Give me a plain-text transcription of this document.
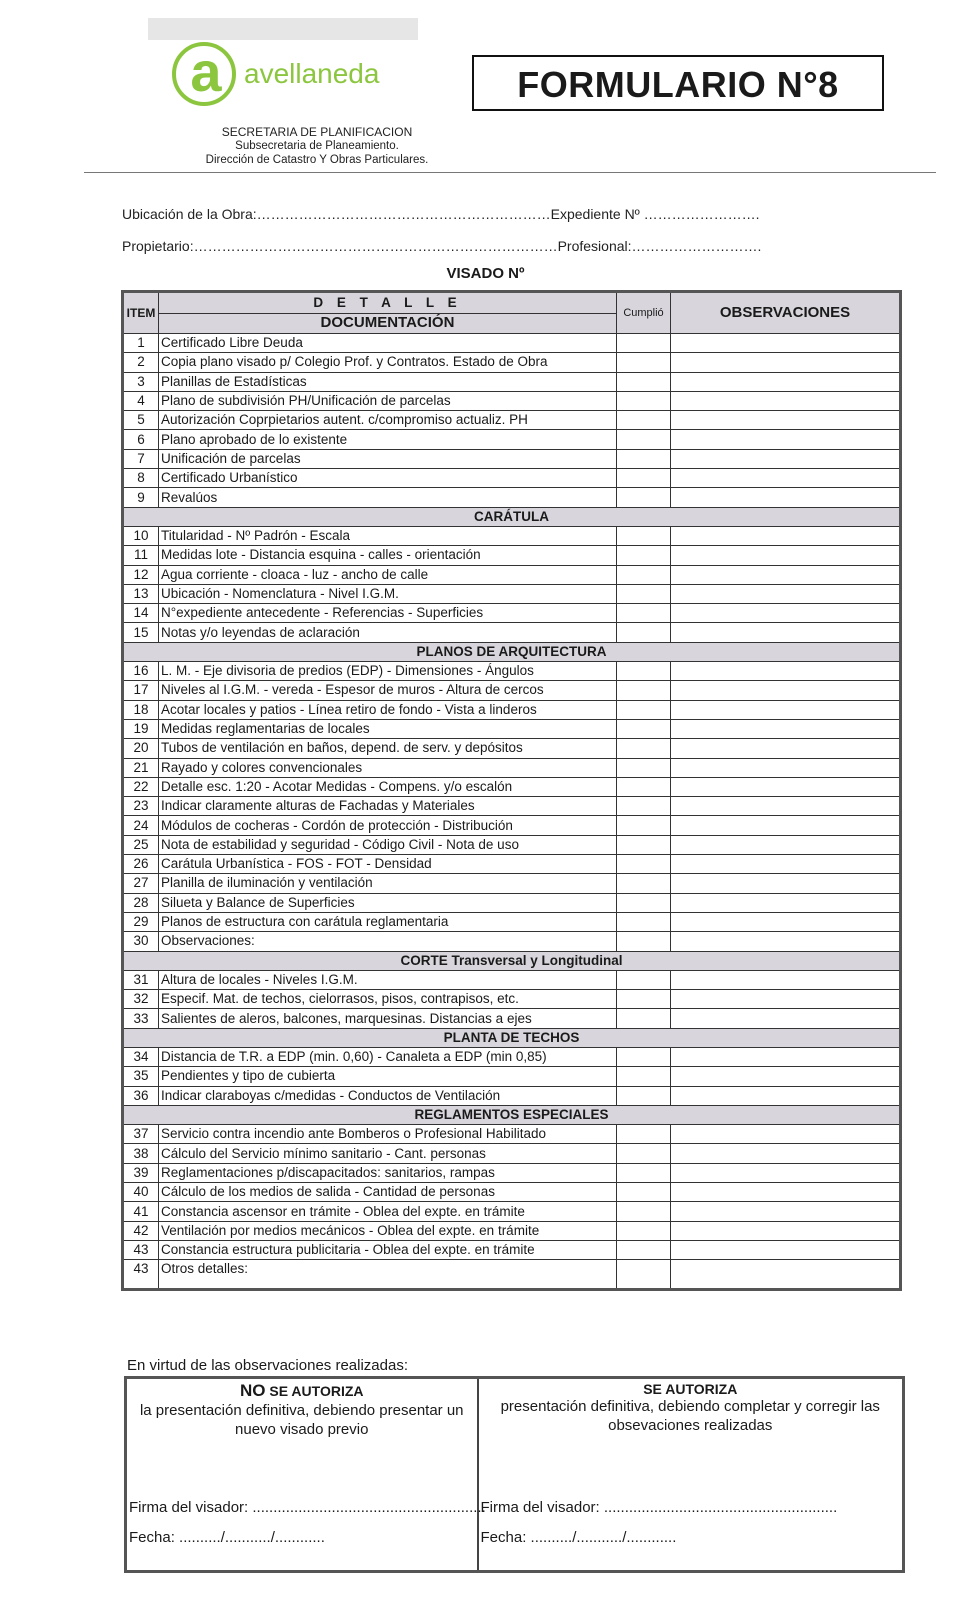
a avellaneda
SECRETARIA DE PLANIFICACION
Subsecretaria de Planeamiento.
Dirección de Catastro Y Obras Particulares.
FORMULARIO N°8
Ubicación de la Obra:………………………………………………………Expediente Nº …………………….
Propietario:……………………………………………………………………Profesional:……………………….
VISADO Nº
ITEM	D E T A L L E	Cumplió	OBSERVACIONES
	DOCUMENTACIÓN		
1	Certificado Libre Deuda		
2	Copia plano visado p/ Colegio Prof. y Contratos. Estado de Obra		
3	Planillas de Estadísticas		
4	Plano de subdivisión PH/Unificación de parcelas		
5	Autorización Coprpietarios autent. c/compromiso actualiz. PH		
6	Plano aprobado de lo existente		
7	Unificación de parcelas		
8	Certificado Urbanístico		
9	Revalúos		
CARÁTULA			
10	Titularidad - Nº Padrón - Escala		
11	Medidas lote - Distancia esquina - calles - orientación		
12	Agua corriente - cloaca - luz - ancho de calle		
13	Ubicación - Nomenclatura - Nivel I.G.M.		
14	N°expediente antecedente - Referencias - Superficies		
15	Notas y/o leyendas de aclaración		
PLANOS DE ARQUITECTURA			
16	L. M. - Eje divisoria de predios (EDP) - Dimensiones - Ángulos		
17	Niveles al I.G.M. - vereda - Espesor de muros - Altura de cercos		
18	Acotar locales y patios - Línea retiro de fondo - Vista a linderos		
19	Medidas reglamentarias de locales		
20	Tubos de ventilación en baños, depend. de serv. y depósitos		
21	Rayado y colores convencionales		
22	Detalle esc. 1:20 - Acotar Medidas - Compens. y/o escalón		
23	Indicar claramente alturas de Fachadas y Materiales		
24	Módulos de cocheras - Cordón de protección - Distribución		
25	Nota de estabilidad y seguridad - Código Civil - Nota de uso		
26	Carátula Urbanística - FOS - FOT - Densidad		
27	Planilla de iluminación y ventilación		
28	Silueta y Balance de Superficies		
29	Planos de estructura con carátula reglamentaria		
30	Observaciones:		
CORTE Transversal y Longitudinal			
31	Altura de locales - Niveles I.G.M.		
32	Especif. Mat. de techos, cielorrasos, pisos, contrapisos, etc.		
33	Salientes de aleros, balcones, marquesinas. Distancias a ejes		
PLANTA DE TECHOS			
34	Distancia de T.R. a EDP (min. 0,60) - Canaleta a EDP (min 0,85)		
35	Pendientes y tipo de cubierta		
36	Indicar claraboyas c/medidas - Conductos de Ventilación		
REGLAMENTOS ESPECIALES			
37	Servicio contra incendio ante Bomberos o Profesional Habilitado		
38	Cálculo del Servicio mínimo sanitario - Cant. personas		
39	Reglamentaciones p/discapacitados: sanitarios, rampas		
40	Cálculo de los medios de salida - Cantidad de personas		
41	Constancia ascensor en trámite - Oblea del expte. en trámite		
42	Ventilación por medios mecánicos - Oblea del expte. en trámite		
43	Constancia estructura publicitaria - Oblea del expte. en trámite		
43	Otros detalles:		
En virtud de las observaciones realizadas:
NO SE AUTORIZA
la presentación definitiva, debiendo presentar un nuevo visado previo
Firma del visador: ........................................................
Fecha: ........../.........../............

SE AUTORIZA
presentación definitiva, debiendo completar y corregir las obsevaciones realizadas
Firma del visador: ........................................................
Fecha: ........../.........../............
